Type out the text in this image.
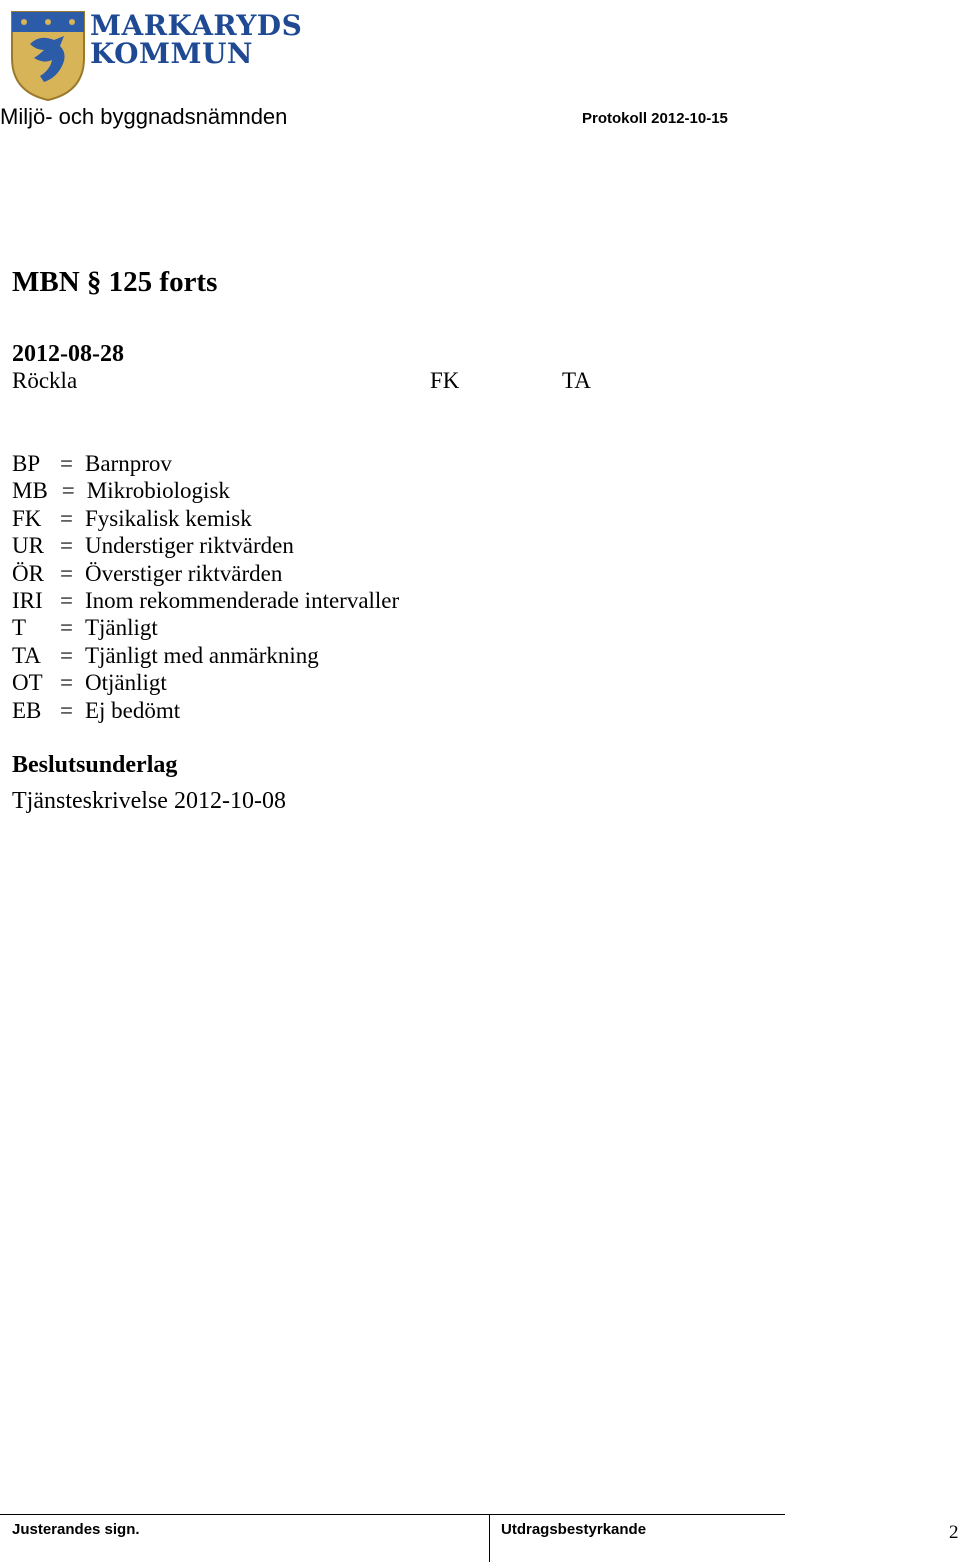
MARKARYDS
KOMMUN
Miljö- och byggnadsnämnden	Protokoll 2012-10-15
MBN § 125 forts
2012-08-28
Röckla	FK	TA
BP = Barnprov
MB = Mikrobiologisk
FK = Fysikalisk kemisk
UR = Understiger riktvärden
ÖR = Överstiger riktvärden
IRI = Inom rekommenderade intervaller
T = Tjänligt
TA = Tjänligt med anmärkning
OT = Otjänligt
EB = Ej bedömt
Beslutsunderlag
Tjänsteskrivelse 2012-10-08
Justerandes sign.	Utdragsbestyrkande	2
